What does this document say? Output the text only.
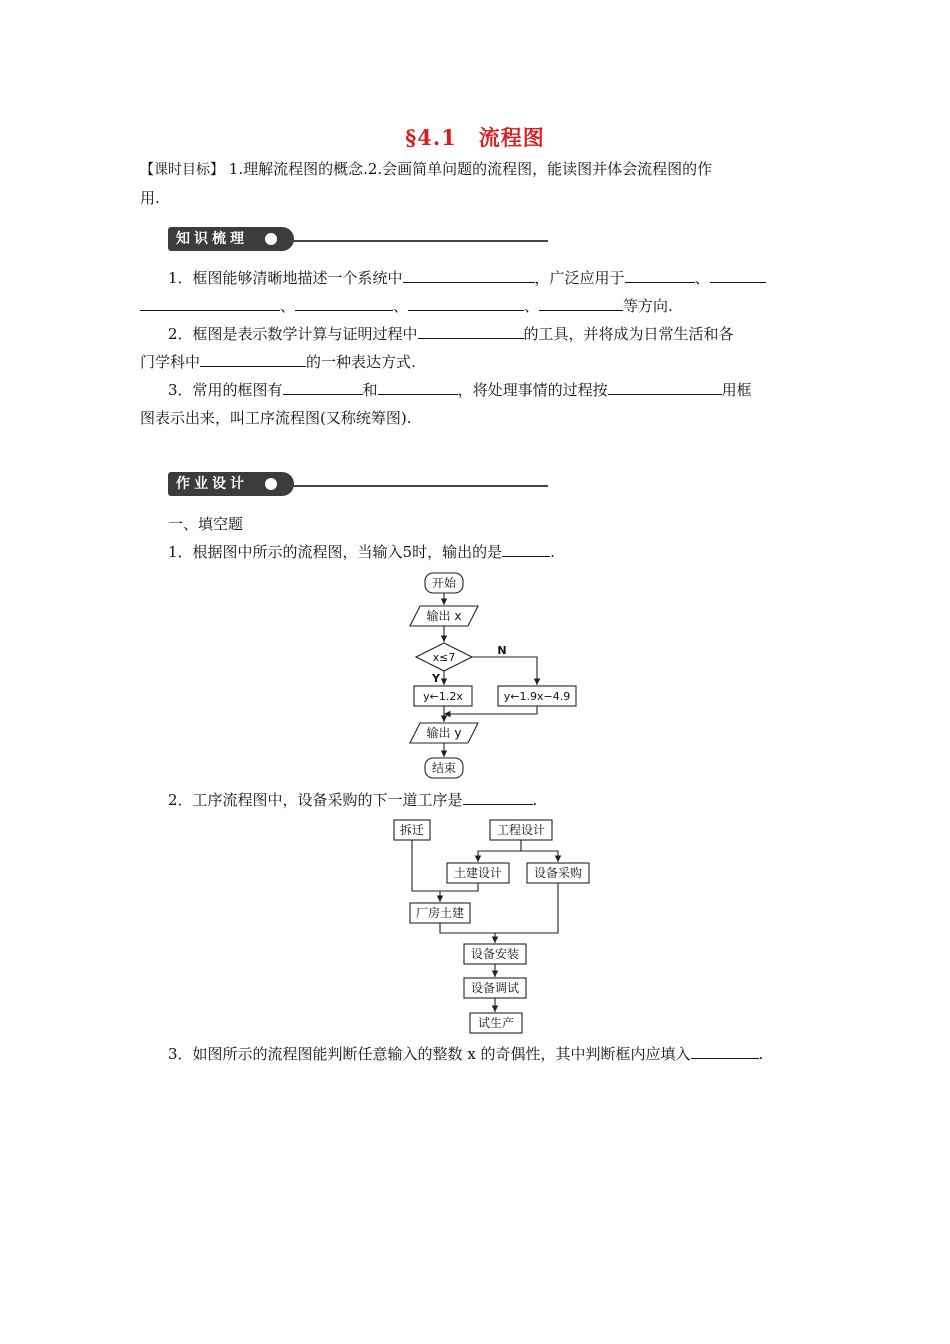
§4.1　流程图
【课时目标】 1.理解流程图的概念.2.会画简单问题的流程图，能读图并体会流程图的作
用.
知识梳理
1．框图能够清晰地描述一个系统中	，广泛应用于	、
、	、	、	等方向.
2．框图是表示数学计算与证明过程中	的工具，并将成为日常生活和各
门学科中	的一种表达方式.
3．常用的框图有	和	，将处理事情的过程按	用框
图表示出来，叫工序流程图(又称统筹图).
作业设计
一、填空题
1．根据图中所示的流程图，当输入5时，输出的是	.
开始
输出 x
x≤7
Y
N
y←1.2x	y←1.9x−4.9
输出 y
结束
2．工序流程图中，设备采购的下一道工序是	.
拆迁	工程设计
土建设计	设备采购
厂房土建
设备安装
设备调试
试生产
3．如图所示的流程图能判断任意输入的整数 x 的奇偶性，其中判断框内应填入	.
